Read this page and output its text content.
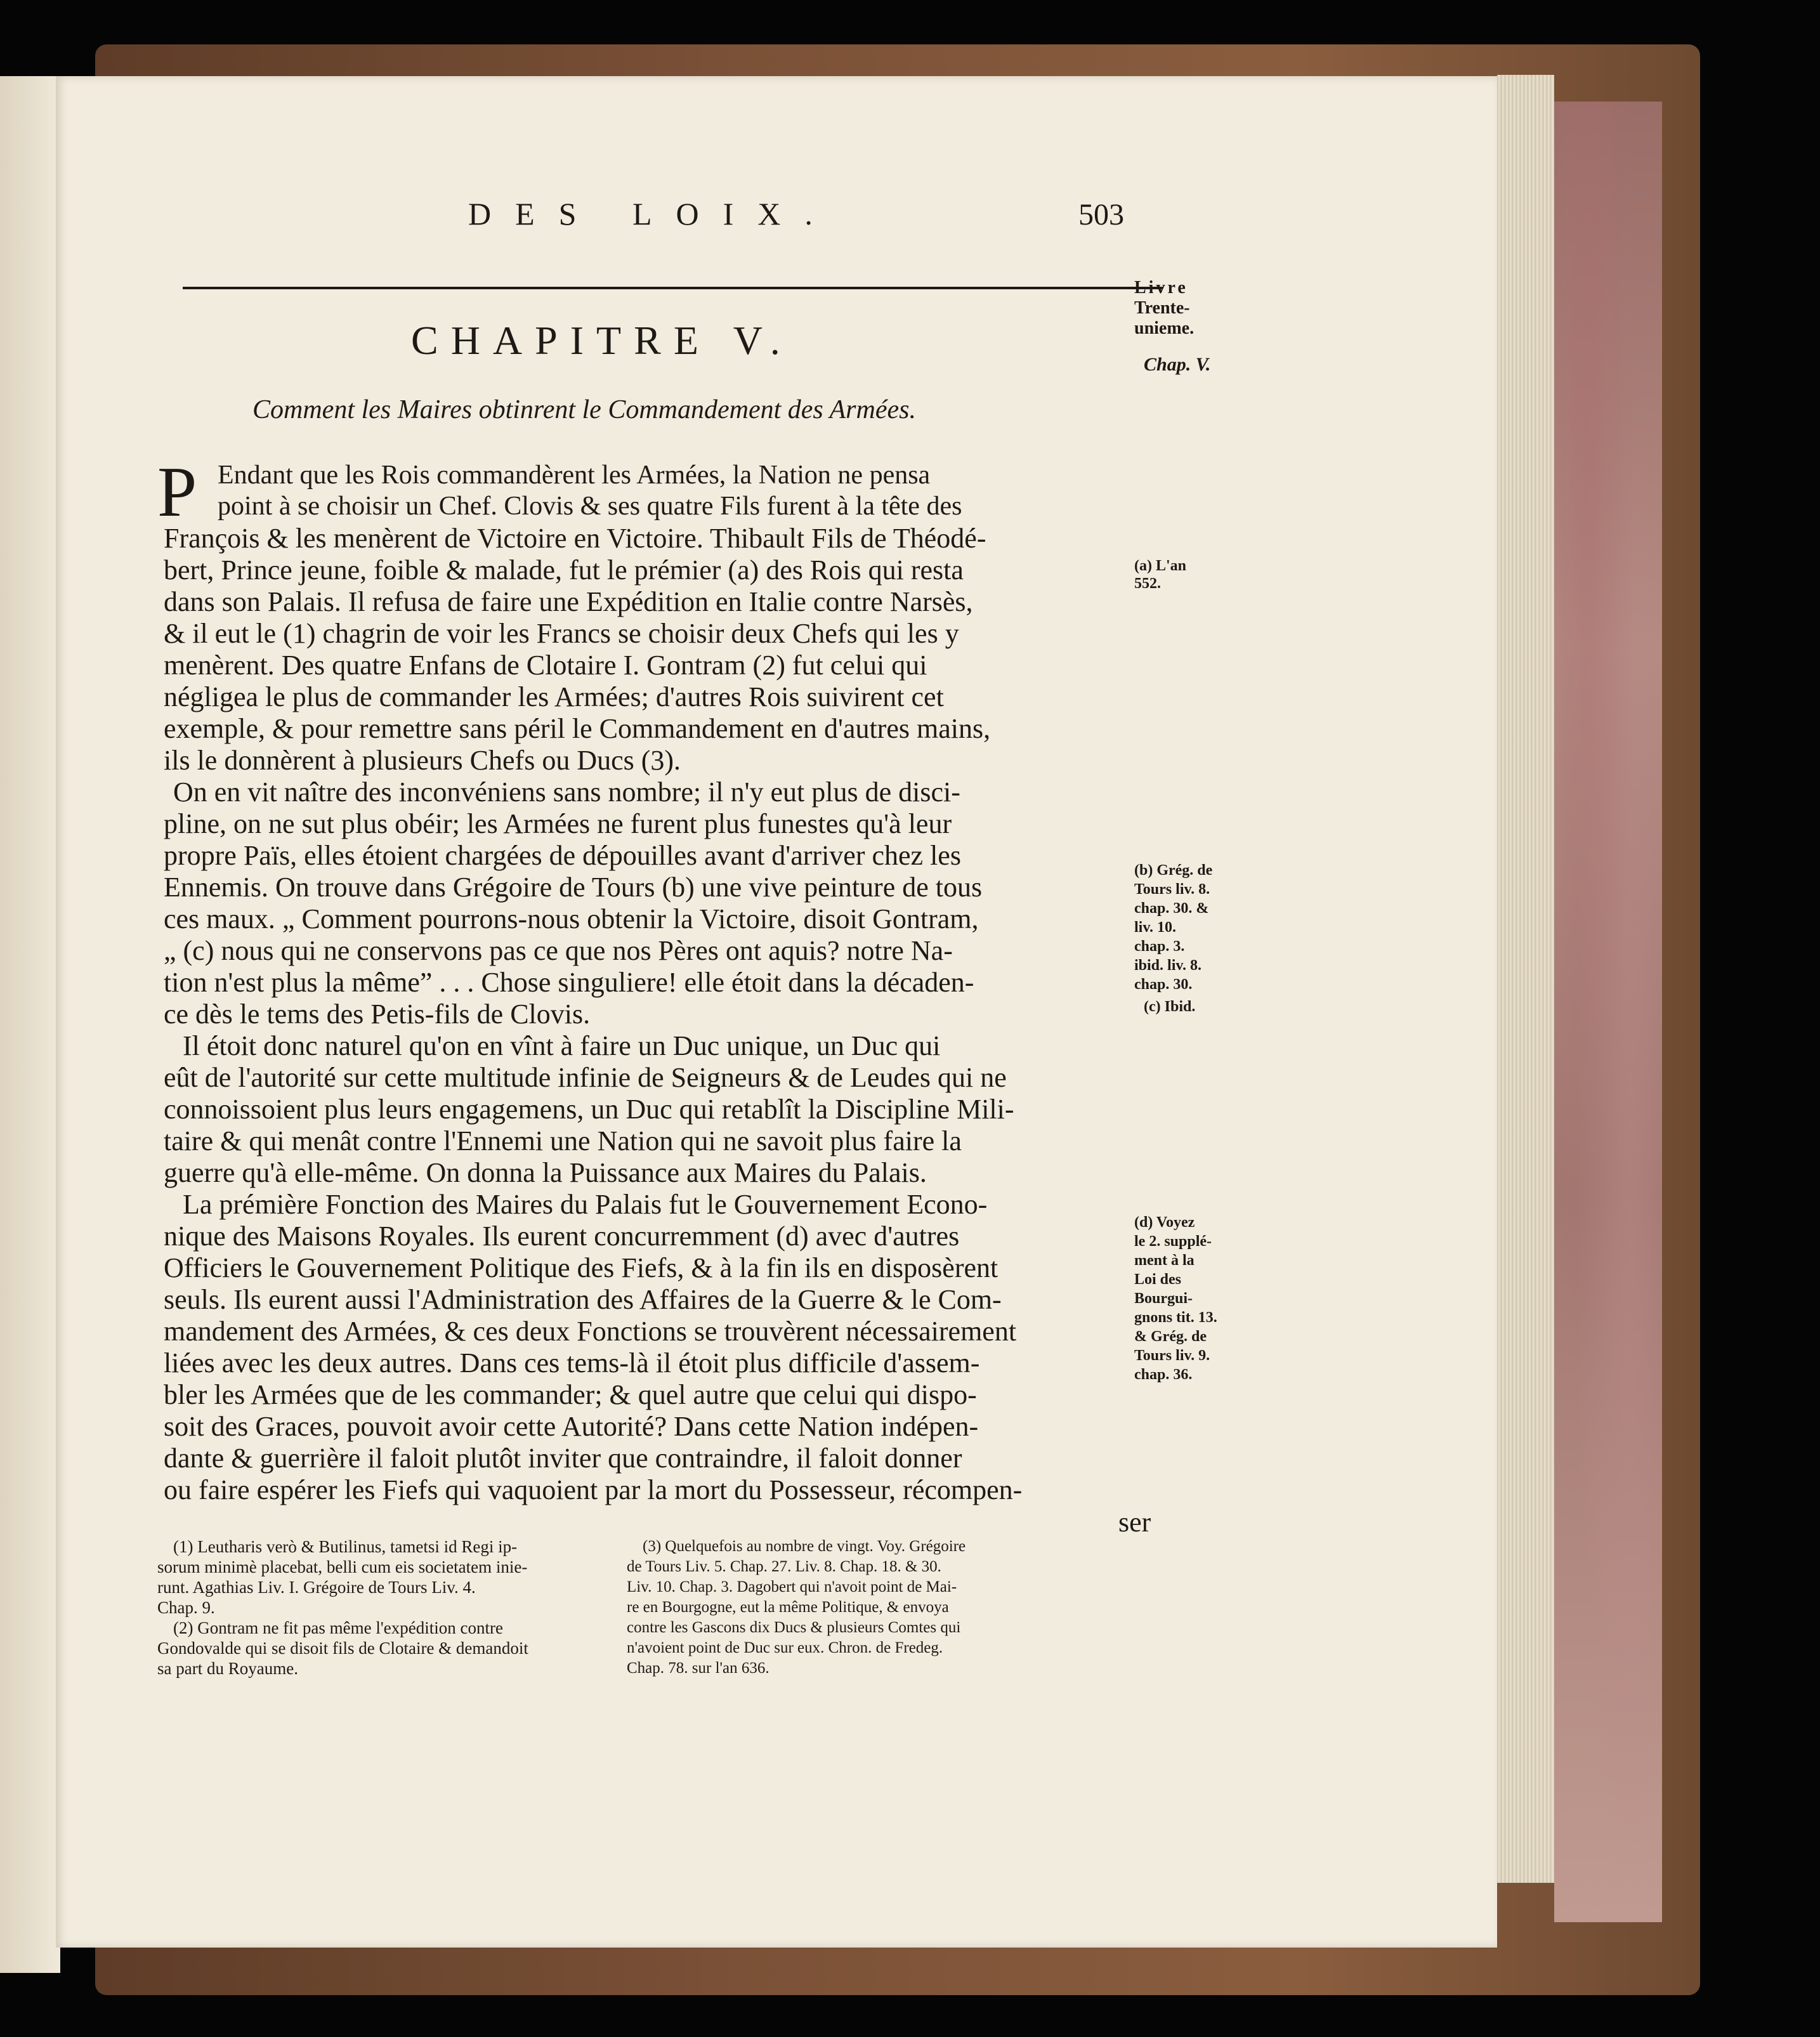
DES LOIX.	503
CHAPITRE V.
Comment les Maires obtinrent le Commandement des Armées.
Livre
Trente-
unieme.
Chap. V.
P Endant que les Rois commandèrent les Armées, la Nation ne pensa
point à se choisir un Chef. Clovis & ses quatre Fils furent à la tête des
François & les menèrent de Victoire en Victoire. Thibault Fils de Théodé-
bert, Prince jeune, foible & malade, fut le prémier (a) des Rois qui resta
dans son Palais. Il refusa de faire une Expédition en Italie contre Narsès,
& il eut le (1) chagrin de voir les Francs se choisir deux Chefs qui les y
menèrent. Des quatre Enfans de Clotaire I. Gontram (2) fut celui qui
négligea le plus de commander les Armées; d'autres Rois suivirent cet
exemple, & pour remettre sans péril le Commandement en d'autres mains,
ils le donnèrent à plusieurs Chefs ou Ducs (3).
On en vit naître des inconvéniens sans nombre; il n'y eut plus de disci-
pline, on ne sut plus obéir; les Armées ne furent plus funestes qu'à leur
propre Païs, elles étoient chargées de dépouilles avant d'arriver chez les
Ennemis. On trouve dans Grégoire de Tours (b) une vive peinture de tous
ces maux. „ Comment pourrons-nous obtenir la Victoire, disoit Gontram,
„ (c) nous qui ne conservons pas ce que nos Pères ont aquis? notre Na-
tion n'est plus la même” . . . Chose singuliere! elle étoit dans la décaden-
ce dès le tems des Petis-fils de Clovis.
Il étoit donc naturel qu'on en vînt à faire un Duc unique, un Duc qui
eût de l'autorité sur cette multitude infinie de Seigneurs & de Leudes qui ne
connoissoient plus leurs engagemens, un Duc qui retablît la Discipline Mili-
taire & qui menât contre l'Ennemi une Nation qui ne savoit plus faire la
guerre qu'à elle-même. On donna la Puissance aux Maires du Palais.
La prémière Fonction des Maires du Palais fut le Gouvernement Econo-
nique des Maisons Royales. Ils eurent concurremment (d) avec d'autres
Officiers le Gouvernement Politique des Fiefs, & à la fin ils en disposèrent
seuls. Ils eurent aussi l'Administration des Affaires de la Guerre & le Com-
mandement des Armées, & ces deux Fonctions se trouvèrent nécessairement
liées avec les deux autres. Dans ces tems-là il étoit plus difficile d'assem-
bler les Armées que de les commander; & quel autre que celui qui dispo-
soit des Graces, pouvoit avoir cette Autorité? Dans cette Nation indépen-
dante & guerrière il faloit plutôt inviter que contraindre, il faloit donner
ou faire espérer les Fiefs qui vaquoient par la mort du Possesseur, récompen-
ser
(a) L'an
552.
(b) Grég. de
Tours liv. 8.
chap. 30. &
liv. 10.
chap. 3.
ibid. liv. 8.
chap. 30.
(c) Ibid.
(d) Voyez
le 2. supplé-
ment à la
Loi des
Bourgui-
gnons tit. 13.
& Grég. de
Tours liv. 9.
chap. 36.
(1) Leutharis verò & Butilinus, tametsi id Regi ip-
sorum minimè placebat, belli cum eis societatem inie-
runt. Agathias Liv. I. Grégoire de Tours Liv. 4.
Chap. 9.
(2) Gontram ne fit pas même l'expédition contre
Gondovalde qui se disoit fils de Clotaire & demandoit
sa part du Royaume.
(3) Quelquefois au nombre de vingt. Voy. Grégoire
de Tours Liv. 5. Chap. 27. Liv. 8. Chap. 18. & 30.
Liv. 10. Chap. 3. Dagobert qui n'avoit point de Mai-
re en Bourgogne, eut la même Politique, & envoya
contre les Gascons dix Ducs & plusieurs Comtes qui
n'avoient point de Duc sur eux. Chron. de Fredeg.
Chap. 78. sur l'an 636.
